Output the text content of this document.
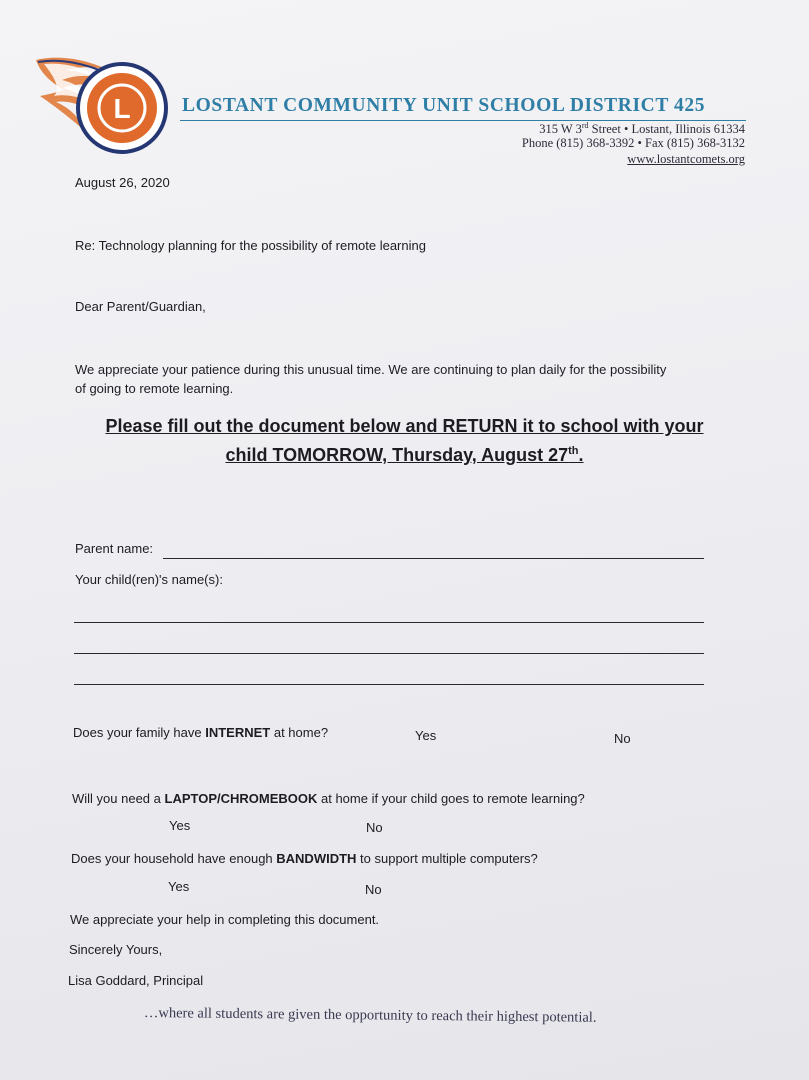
L	LOSTANT COMMUNITY UNIT SCHOOL DISTRICT 425
315 W 3rd Street • Lostant, Illinois 61334
Phone (815) 368-3392 • Fax (815) 368-3132
www.lostantcomets.org
August 26, 2020
Re: Technology planning for the possibility of remote learning
Dear Parent/Guardian,
We appreciate your patience during this unusual time. We are continuing to plan daily for the possibility
of going to remote learning.
Please fill out the document below and RETURN it to school with your
child TOMORROW, Thursday, August 27th.
Parent name:
Your child(ren)'s name(s):
Does your family have INTERNET at home?	Yes	No
Will you need a LAPTOP/CHROMEBOOK at home if your child goes to remote learning?
Yes	No
Does your household have enough BANDWIDTH to support multiple computers?
Yes	No
We appreciate your help in completing this document.
Sincerely Yours,
Lisa Goddard, Principal
…where all students are given the opportunity to reach their highest potential.
